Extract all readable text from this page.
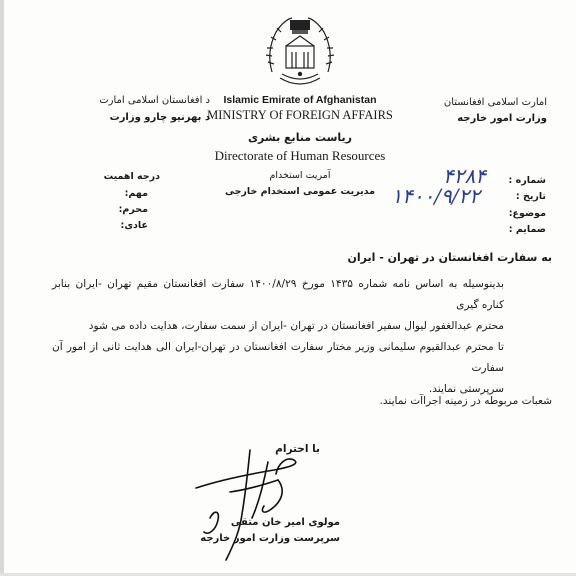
د افغانستان اسلامی امارت
د بهرنیو چارو وزارت
امارت اسلامی افغانستان
وزارت امور خارجه
Islamic Emirate of Afghanistan
MINISTRY Of FOREIGN AFFAIRS
ریاست منابع بشری
Directorate of Human Resources
آمریت استخدام
مدیریت عمومی استخدام خارجی
درجه اهمیت
مهم:
محرم:
عادی:
شماره :
تاریخ :
موضوع:
ضمایم :
۴۲۸۴
۱۴۰۰/۹/۲۲
به سفارت افغانستان در تهران - ایران
بدینوسیله به اساس نامه شماره ۱۴۳۵ مورخ ۱۴۰۰/۸/۲۹ سفارت افغانستان مقیم تهران -ایران بنابر کناره گیری
محترم عبدالغفور لیوال سفیر افغانستان در تهران -ایران از سمت سفارت، هدایت داده می شود
تا محترم عبدالقیوم سلیمانی وزیر مختار سفارت افغانستان در تهران-ایران الی هدایت ثانی از امور آن سفارت
سرپرستی نمایند.
شعبات مربوطه در زمینه اجراآت نمایند.
با احترام
مولوی امیر خان متقی
سرپرست وزارت امور خارجه
